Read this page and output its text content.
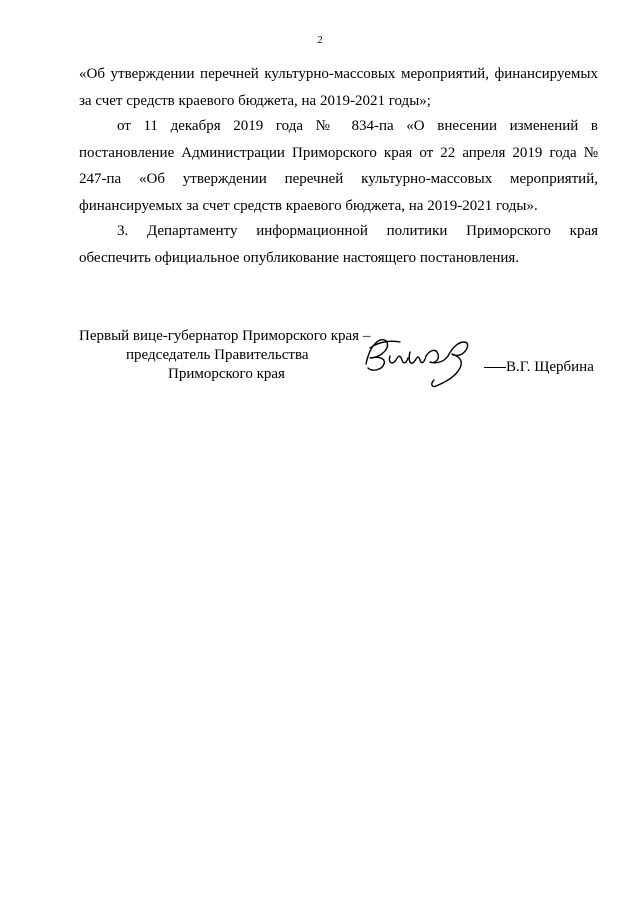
2

«Об утверждении перечней культурно-массовых мероприятий, финансируемых за счет средств краевого бюджета, на 2019-2021 годы»;

от 11 декабря 2019 года № 834-па «О внесении изменений в постановление Администрации Приморского края от 22 апреля 2019 года № 247-па «Об утверждении перечней культурно-массовых мероприятий, финансируемых за счет средств краевого бюджета, на 2019-2021 годы».

3. Департаменту информационной политики Приморского края обеспечить официальное опубликование настоящего постановления.

Первый вице-губернатор Приморского края –
председатель Правительства
Приморского края	В.Г. Щербина
